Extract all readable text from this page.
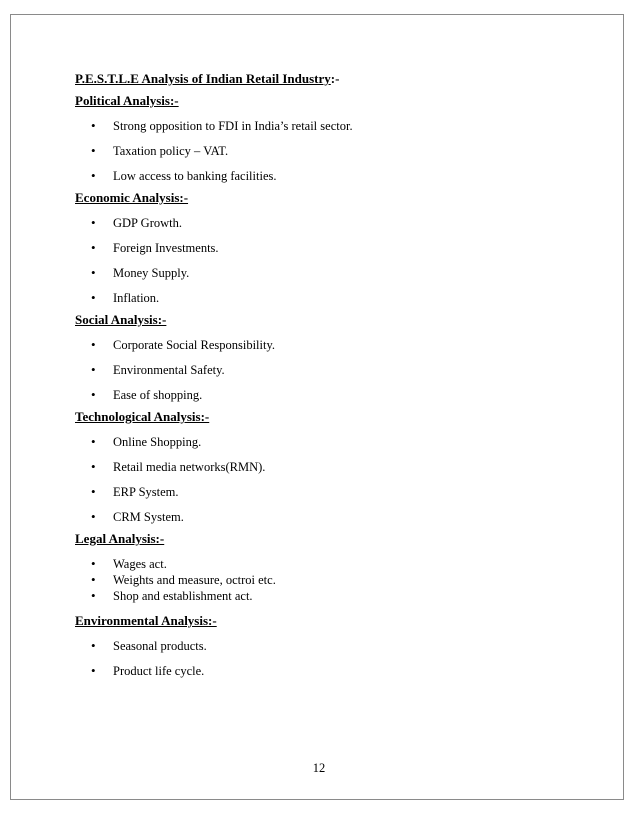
P.E.S.T.L.E Analysis of Indian Retail Industry:-

Political Analysis:-

• Strong opposition to FDI in India’s retail sector.
• Taxation policy – VAT.
• Low access to banking facilities.

Economic Analysis:-

• GDP Growth.
• Foreign Investments.
• Money Supply.
• Inflation.

Social Analysis:-

• Corporate Social Responsibility.
• Environmental Safety.
• Ease of shopping.

Technological Analysis:-

• Online Shopping.
• Retail media networks(RMN).
• ERP System.
• CRM System.

Legal Analysis:-

• Wages act.
• Weights and measure, octroi etc.
• Shop and establishment act.

Environmental Analysis:-

• Seasonal products.
• Product life cycle.
12
